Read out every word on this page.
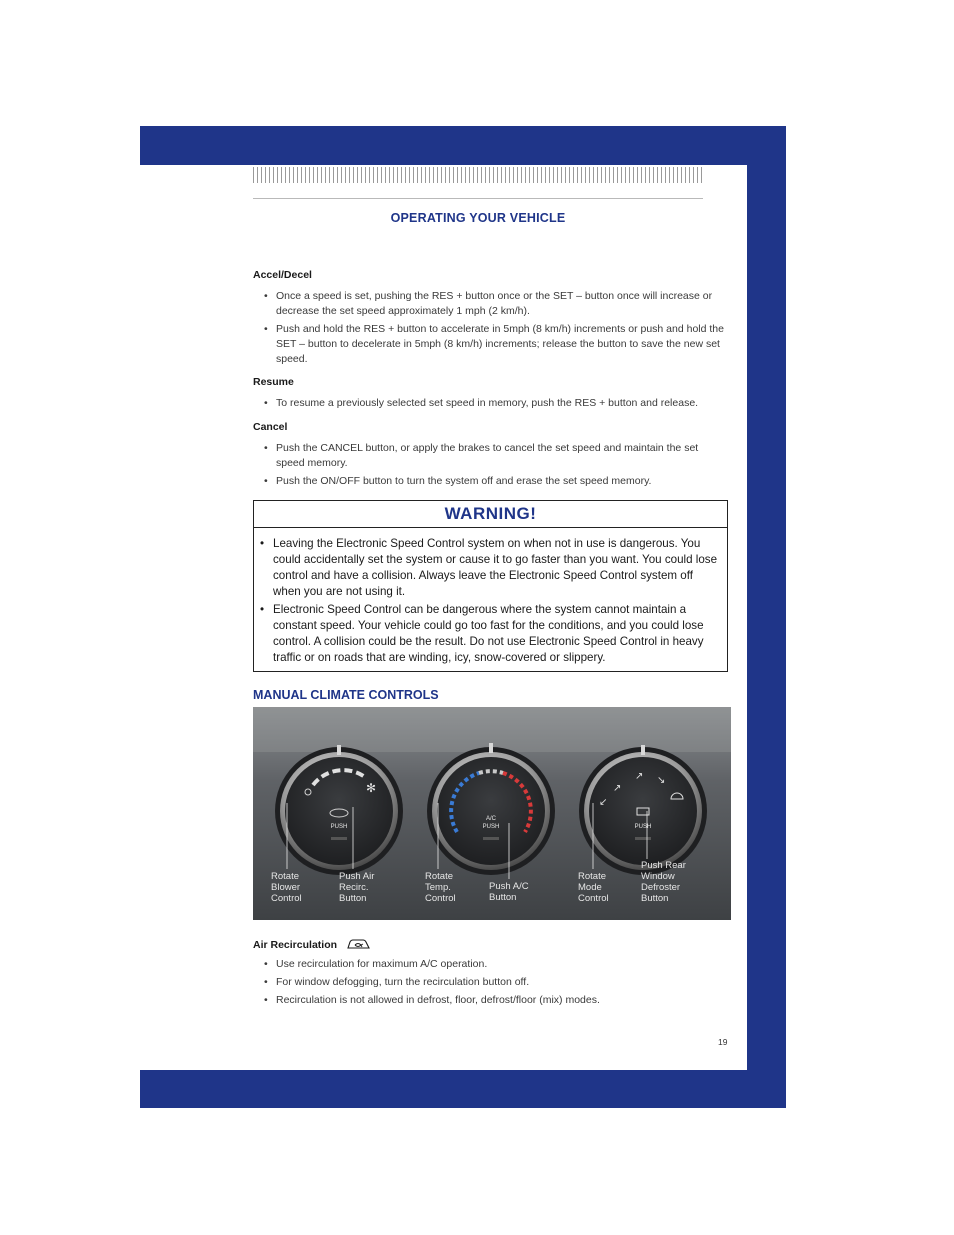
OPERATING YOUR VEHICLE
Accel/Decel
• Once a speed is set, pushing the RES + button once or the SET – button once will increase or decrease the set speed approximately 1 mph (2 km/h).
• Push and hold the RES + button to accelerate in 5mph (8 km/h) increments or push and hold the SET – button to decelerate in 5mph (8 km/h) increments; release the button to save the new set speed.
Resume
• To resume a previously selected set speed in memory, push the RES + button and release.
Cancel
• Push the CANCEL button, or apply the brakes to cancel the set speed and maintain the set speed memory.
• Push the ON/OFF button to turn the system off and erase the set speed memory.
WARNING!
• Leaving the Electronic Speed Control system on when not in use is dangerous. You could accidentally set the system or cause it to go faster than you want. You could lose control and have a collision. Always leave the Electronic Speed Control system off when you are not using it.
• Electronic Speed Control can be dangerous where the system cannot maintain a constant speed. Your vehicle could go too fast for the conditions, and you could lose control. A collision could be the result. Do not use Electronic Speed Control in heavy traffic or on roads that are winding, icy, snow-covered or slippery.
MANUAL CLIMATE CONTROLS
✻
PUSH
A/C
PUSH
↗
↗ ↘
↙
PUSH
Rotate
Blower
Control
Push Air
Recirc.
Button
Rotate
Temp.
Control
Push A/C
Button
Rotate
Mode
Control
Push Rear
Window
Defroster
Button
Air Recirculation
• Use recirculation for maximum A/C operation.
• For window defogging, turn the recirculation button off.
• Recirculation is not allowed in defrost, floor, defrost/floor (mix) modes.
19
